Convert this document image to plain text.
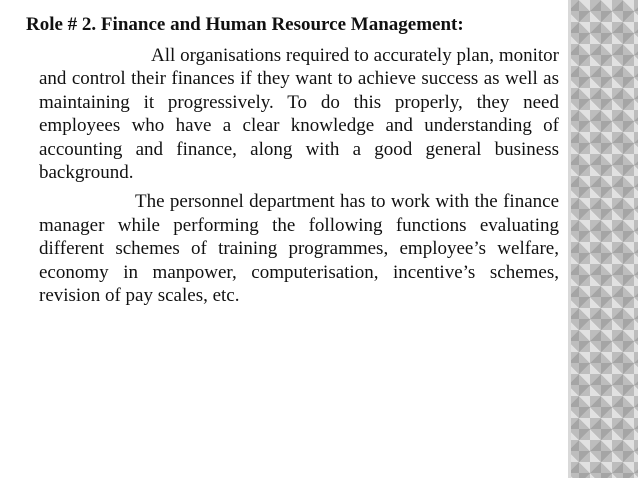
Role # 2. Finance and Human Resource Management:

All organisations required to accurately plan, monitor and control their finances if they want to achieve success as well as maintaining it progressively. To do this properly, they need employees who have a clear knowledge and understanding of accounting and finance, along with a good general business background.

The personnel department has to work with the finance manager while performing the following functions evaluating different schemes of training programmes, employee’s welfare, economy in manpower, computerisation, incentive’s schemes, revision of pay scales, etc.
